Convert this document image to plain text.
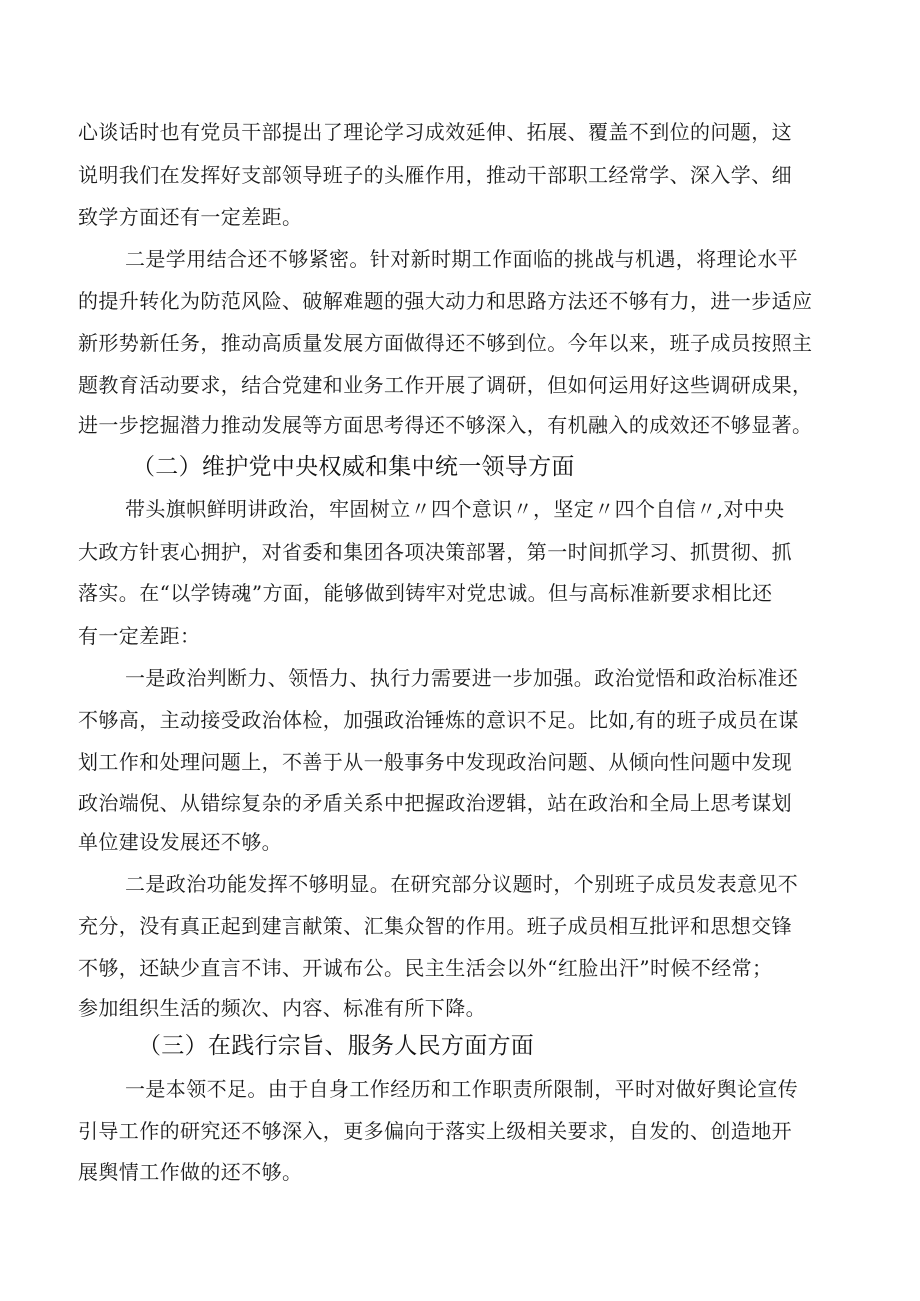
心谈话时也有党员干部提出了理论学习成效延伸、拓展、覆盖不到位的问题，这
说明我们在发挥好支部领导班子的头雁作用，推动干部职工经常学、深入学、细
致学方面还有一定差距。
二是学用结合还不够紧密。针对新时期工作面临的挑战与机遇，将理论水平
的提升转化为防范风险、破解难题的强大动力和思路方法还不够有力，进一步适应
新形势新任务，推动高质量发展方面做得还不够到位。今年以来，班子成员按照主
题教育活动要求，结合党建和业务工作开展了调研，但如何运用好这些调研成果，
进一步挖掘潜力推动发展等方面思考得还不够深入，有机融入的成效还不够显著。
（二）维护党中央权威和集中统一领导方面
带头旗帜鲜明讲政治，牢固树立〃四个意识〃，坚定〃四个自信〃,对中央
大政方针衷心拥护，对省委和集团各项决策部署，第一时间抓学习、抓贯彻、抓
落实。在“以学铸魂”方面，能够做到铸牢对党忠诚。但与高标准新要求相比还
有一定差距：
一是政治判断力、领悟力、执行力需要进一步加强。政治觉悟和政治标准还
不够高，主动接受政治体检，加强政治锤炼的意识不足。比如,有的班子成员在谋
划工作和处理问题上，不善于从一般事务中发现政治问题、从倾向性问题中发现
政治端倪、从错综复杂的矛盾关系中把握政治逻辑，站在政治和全局上思考谋划
单位建设发展还不够。
二是政治功能发挥不够明显。在研究部分议题时，个别班子成员发表意见不
充分，没有真正起到建言献策、汇集众智的作用。班子成员相互批评和思想交锋
不够，还缺少直言不讳、开诚布公。民主生活会以外“红脸出汗”时候不经常；
参加组织生活的频次、内容、标准有所下降。
（三）在践行宗旨、服务人民方面方面
一是本领不足。由于自身工作经历和工作职责所限制，平时对做好舆论宣传
引导工作的研究还不够深入，更多偏向于落实上级相关要求，自发的、创造地开
展舆情工作做的还不够。
